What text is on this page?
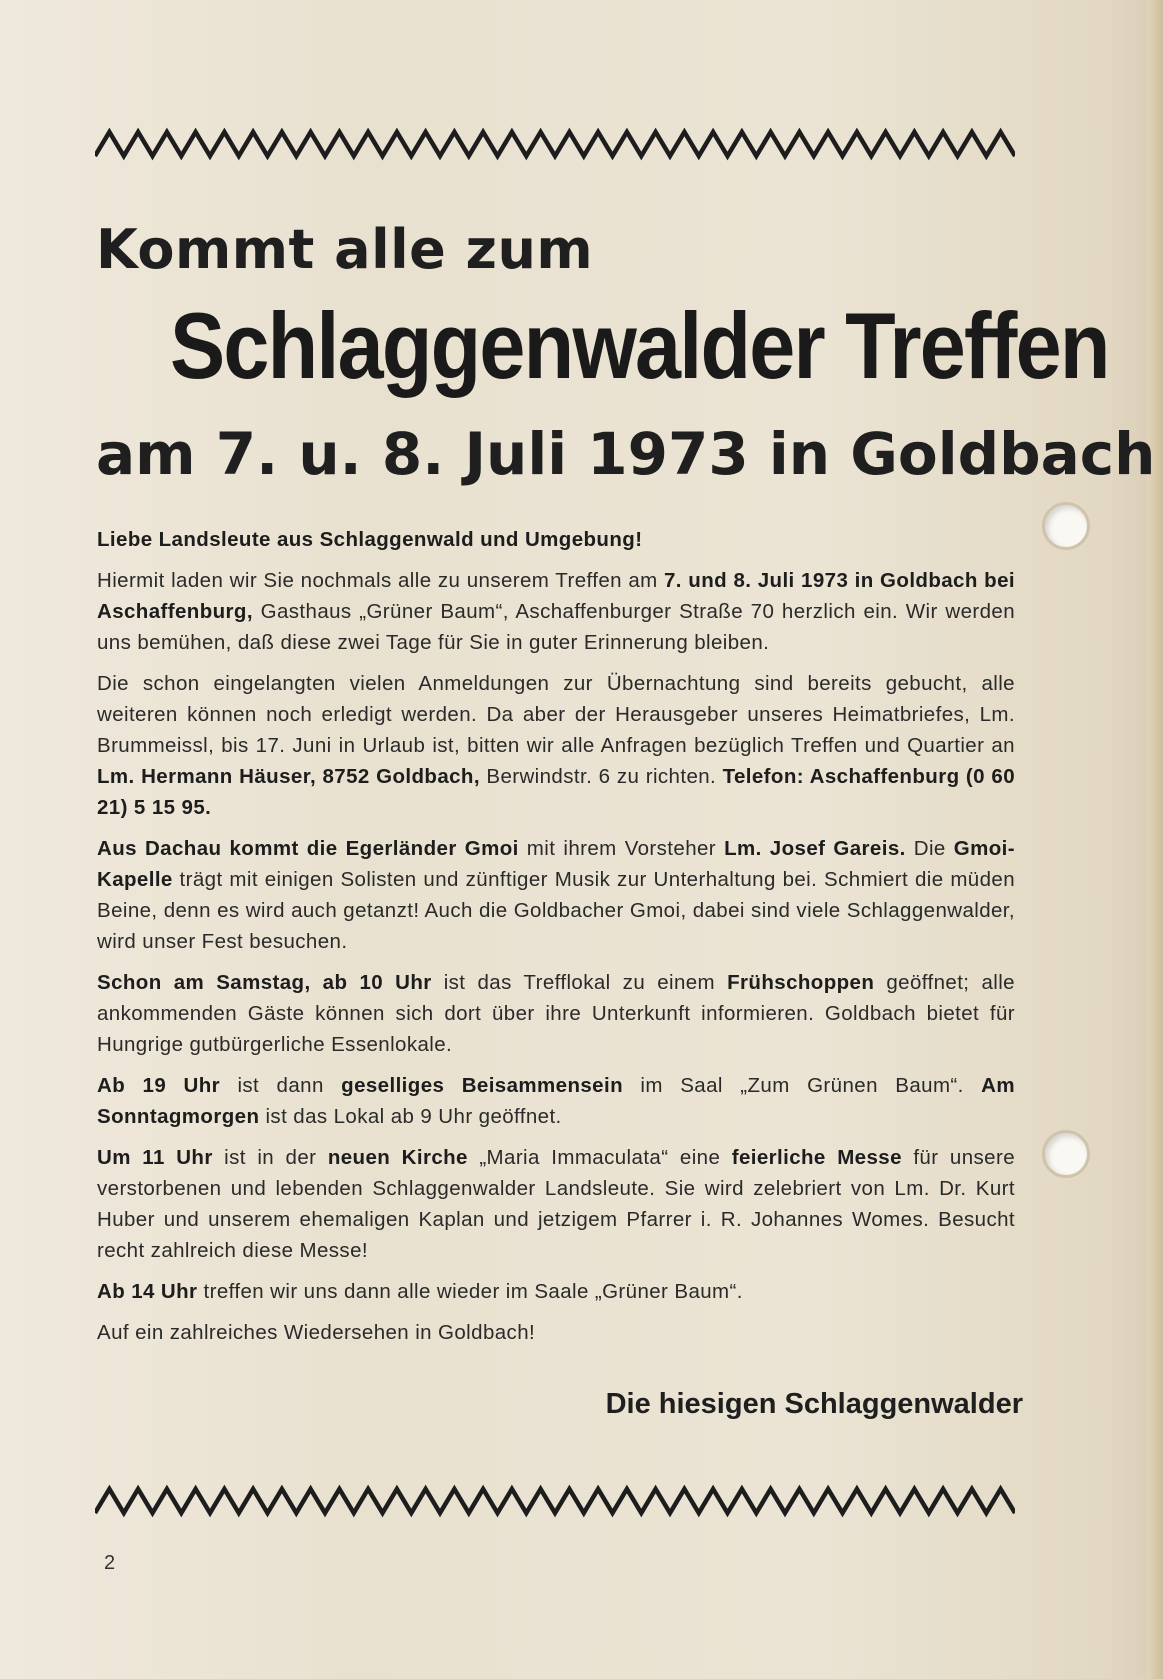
Kommt alle zum
Schlaggenwalder Treffen
am 7. u. 8. Juli 1973 in Goldbach

Liebe Landsleute aus Schlaggenwald und Umgebung!

Hiermit laden wir Sie nochmals alle zu unserem Treffen am 7. und 8. Juli 1973 in Goldbach bei Aschaffenburg, Gasthaus „Grüner Baum“, Aschaffenburger Straße 70 herzlich ein. Wir werden uns bemühen, daß diese zwei Tage für Sie in guter Erinnerung bleiben.

Die schon eingelangten vielen Anmeldungen zur Übernachtung sind bereits gebucht, alle weiteren können noch erledigt werden. Da aber der Herausgeber unseres Heimatbriefes, Lm. Brummeissl, bis 17. Juni in Urlaub ist, bitten wir alle Anfragen bezüglich Treffen und Quartier an Lm. Hermann Häuser, 8752 Goldbach, Berwindstr. 6 zu richten. Telefon: Aschaffenburg (0 60 21) 5 15 95.

Aus Dachau kommt die Egerländer Gmoi mit ihrem Vorsteher Lm. Josef Gareis. Die Gmoi-Kapelle trägt mit einigen Solisten und zünftiger Musik zur Unterhaltung bei. Schmiert die müden Beine, denn es wird auch getanzt! Auch die Goldbacher Gmoi, dabei sind viele Schlaggenwalder, wird unser Fest besuchen.

Schon am Samstag, ab 10 Uhr ist das Trefflokal zu einem Frühschoppen geöffnet; alle ankommenden Gäste können sich dort über ihre Unterkunft informieren. Goldbach bietet für Hungrige gutbürgerliche Essenlokale.

Ab 19 Uhr ist dann geselliges Beisammensein im Saal „Zum Grünen Baum“. Am Sonntagmorgen ist das Lokal ab 9 Uhr geöffnet.

Um 11 Uhr ist in der neuen Kirche „Maria Immaculata“ eine feierliche Messe für unsere verstorbenen und lebenden Schlaggenwalder Landsleute. Sie wird zelebriert von Lm. Dr. Kurt Huber und unserem ehemaligen Kaplan und jetzigem Pfarrer i. R. Johannes Womes. Besucht recht zahlreich diese Messe!

Ab 14 Uhr treffen wir uns dann alle wieder im Saale „Grüner Baum“.

Auf ein zahlreiches Wiedersehen in Goldbach!

Die hiesigen Schlaggenwalder

2
